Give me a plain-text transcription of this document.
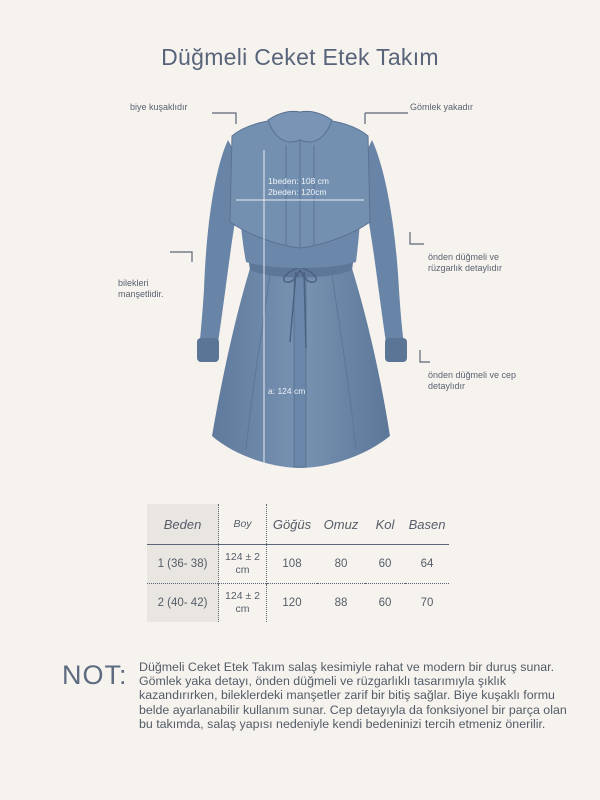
Düğmeli Ceket Etek Takım
biye kuşaklıdır	Gömlek yakadır
bilekleri manşetlidir.
önden düğmeli ve rüzgarlık detaylıdır
önden düğmeli ve cep detaylıdır
1beden: 108 cm
2beden: 120cm
a: 124 cm
Beden	Boy	Göğüs	Omuz	Kol	Basen
1 (36- 38)	124 ± 2 cm	108	80	60	64
2 (40- 42)	124 ± 2 cm	120	88	60	70
NOT: Düğmeli Ceket Etek Takım salaş kesimiyle rahat ve modern bir duruş sunar. Gömlek yaka detayı, önden düğmeli ve rüzgarlıklı tasarımıyla şıklık kazandırırken, bileklerdeki manşetler zarif bir bitiş sağlar. Biye kuşaklı formu belde ayarlanabilir kullanım sunar. Cep detayıyla da fonksiyonel bir parça olan bu takımda, salaş yapısı nedeniyle kendi bedeninizi tercih etmeniz önerilir.
